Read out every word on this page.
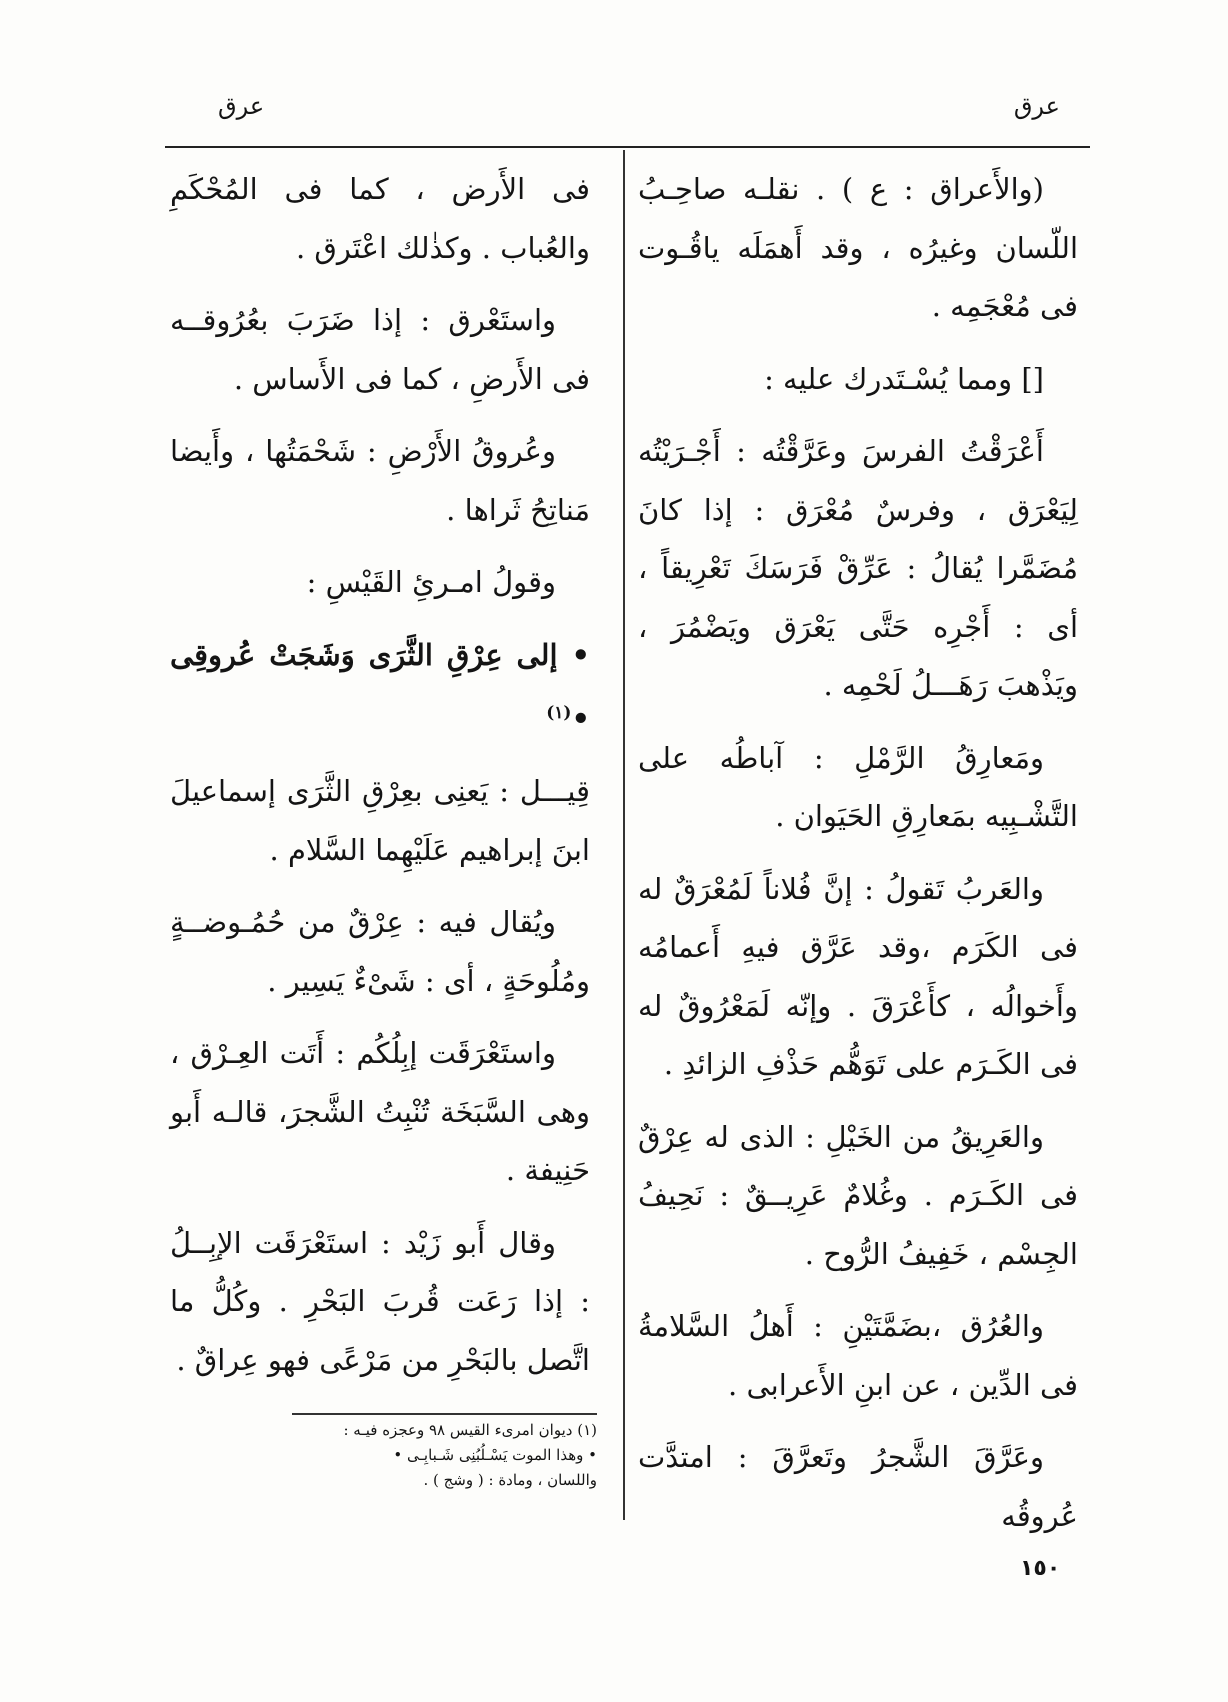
عرق
عرق

(والأَعراق : ع ) . نقلـه صاحِـبُ اللّسان وغيرُه ، وقد أَهمَلَه ياقُـوت فى مُعْجَمِه .

[] ومما يُسْـتَدرك عليه :

أَعْرَقْتُ الفرسَ وعَرَّقْتُه : أَجْـرَيْتُه لِيَعْرَق ، وفرسٌ مُعْرَق : إذا كانَ مُضَمَّرا يُقالُ : عَرِّقْ فَرَسَكَ تَعْرِيقاً ، أى : أَجْرِه حَتَّى يَعْرَق ويَضْمُرَ ، ويَذْهبَ رَهَـــلُ لَحْمِه .

ومَعارِقُ الرَّمْلِ : آباطُه على التَّشْـبِيه بمَعارِقِ الحَيَوان .

والعَربُ تَقولُ : إنَّ فُلاناً لَمُعْرَقٌ له فى الكَرَم ،وقد عَرَّق فيهِ أَعمامُه وأَخوالُه ، كأَعْرَقَ . وإنّه لَمَعْرُوقٌ له فى الكَـرَم على تَوَهُّم حَذْفِ الزائدِ .

والعَرِيقُ من الخَيْلِ : الذى له عِرْقٌ فى الكَـرَم . وغُلامٌ عَرِيــقٌ : نَحِيفُ الجِسْم ، خَفِيفُ الرُّوح .

والعُرُق ،بضَمَّتَيْنِ : أَهلُ السَّلامةُ فى الدِّين ، عن ابنِ الأَعرابى .

وعَرَّقَ الشَّجرُ وتَعرَّقَ : امتدَّت عُروقُه

فى الأَرض ، كما فى المُحْكَمِ والعُباب . وكذٰلك اعْتَرق .

واستَعْرق : إذا ضَرَبَ بعُرُوقــه فى الأَرضِ ، كما فى الأَساس .

وعُروقُ الأَرْضِ : شَحْمَتُها ، وأَيضا مَناتِحُ ثَراها .

وقولُ امـرئِ القَيْسِ :

• إلى عِرْقِ الثَّرَى وَشَجَتْ عُروقِى •$^{(١)}$

قِيـــل : يَعنِى بعِرْقِ الثَّرَى إسماعيلَ ابنَ إبراهيم عَلَيْهِما السَّلام .

ويُقال فيه : عِرْقٌ من حُمُـوضــةٍ ومُلُوحَةٍ ، أى : شَىْءٌ يَسِير .

واستَعْرَقَت إبِلُكُم : أَتَت العِـرْق ، وهى السَّبَخَة تُنْبِتُ الشَّجرَ، قالـه أَبو حَنِيفة .

وقال أَبو زَيْد : استَعْرَقَت الإبِــلُ : إذا رَعَت قُربَ البَحْرِ . وكُلُّ ما اتَّصل بالبَحْرِ من مَرْعًى فهو عِراقٌ .

(١) ديوان امرىء القيس ٩٨ وعجزه فيـه :
• وهذا الموت يَسْـلُبُنِى شَـبابِـى •
واللسان ، ومادة : ( وشج ) .
١٥٠
